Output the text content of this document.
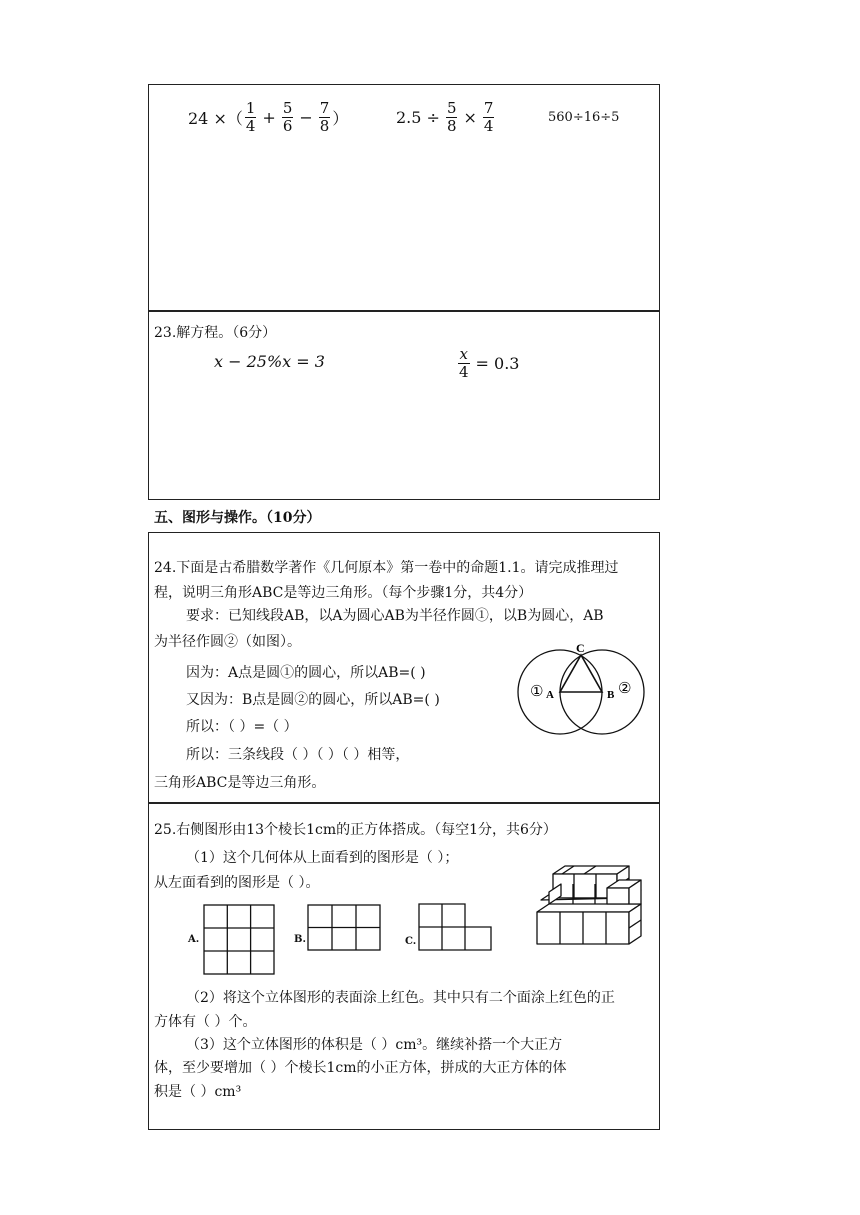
24 ×（ $\frac{1}{4} + \frac{5}{6} - \frac{7}{8}$ ）	$2.5 \div \frac{5}{8} \times \frac{7}{4}$	560÷16÷5
23.解方程。（6分）
x − 25%x = 3	$\frac{x}{4} = 0.3$
五、图形与操作。（10分）
24.下面是古希腊数学著作《几何原本》第一卷中的命题1.1。请完成推理过
程，说明三角形ABC是等边三角形。（每个步骤1分，共4分）
要求：已知线段AB，以A为圆心AB为半径作圆①，以B为圆心，AB
为半径作圆②（如图）。
因为：A点是圆①的圆心，所以AB=( )
又因为：B点是圆②的圆心，所以AB=( )
所以：（ ）=（ ）
所以：三条线段（ ）（ ）（ ）相等，
三角形ABC是等边三角形。
C
① A	B ②
25.右侧图形由13个棱长1cm的正方体搭成。（每空1分，共6分）
（1）这个几何体从上面看到的图形是（ ）；
从左面看到的图形是（ ）。
A.	B.	C.
（2）将这个立体图形的表面涂上红色。其中只有二个面涂上红色的正
方体有（ ）个。
（3）这个立体图形的体积是（ ）cm³。继续补搭一个大正方
体，至少要增加（ ）个棱长1cm的小正方体，拼成的大正方体的体
积是（ ）cm³
